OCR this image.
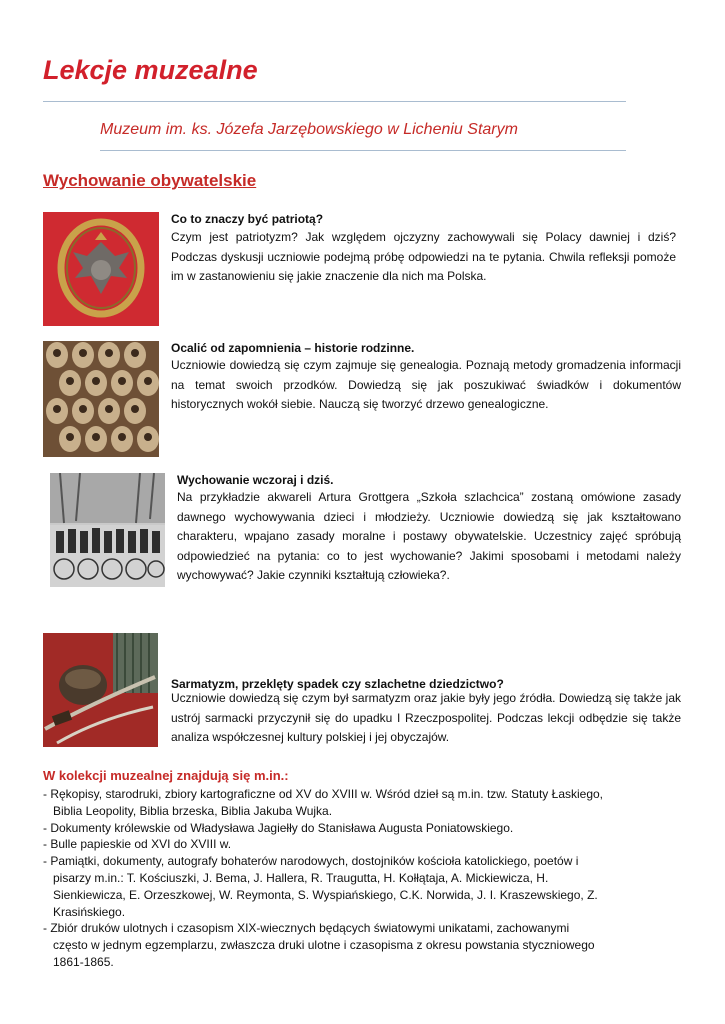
Lekcje muzealne
Muzeum im. ks. Józefa Jarzębowskiego w Licheniu Starym
Wychowanie obywatelskie
Co to znaczy być patriotą?
Czym jest patriotyzm? Jak względem ojczyzny zachowywali się Polacy dawniej i dziś? Podczas dyskusji uczniowie podejmą próbę odpowiedzi na te pytania. Chwila refleksji pomoże im w zastanowieniu się jakie znaczenie dla nich ma Polska.
Ocalić od zapomnienia – historie rodzinne.
Uczniowie dowiedzą się czym zajmuje się genealogia. Poznają metody gromadzenia informacji na temat swoich przodków. Dowiedzą się jak poszukiwać świadków i dokumentów historycznych wokół siebie. Nauczą się tworzyć drzewo genealogiczne.
Wychowanie wczoraj i dziś.
Na przykładzie akwareli Artura Grottgera „Szkoła szlachcica” zostaną omówione zasady dawnego wychowywania dzieci i młodzieży. Uczniowie dowiedzą się jak kształtowano charakteru, wpajano zasady moralne i postawy obywatelskie. Uczestnicy zajęć spróbują odpowiedzieć na pytania: co to jest wychowanie? Jakimi sposobami i metodami należy wychowywać? Jakie czynniki kształtują człowieka?.
Sarmatyzm, przeklęty spadek czy szlachetne dziedzictwo?
Uczniowie dowiedzą się czym był sarmatyzm oraz jakie były jego źródła. Dowiedzą się także jak ustrój sarmacki przyczynił się do upadku I Rzeczpospolitej. Podczas lekcji odbędzie się także analiza współczesnej kultury polskiej i jej obyczajów.
W kolekcji muzealnej znajdują się m.in.:
- Rękopisy, starodruki, zbiory kartograficzne od XV do XVIII w. Wśród dzieł są m.in. tzw. Statuty Łaskiego, Biblia Leopolity, Biblia brzeska, Biblia Jakuba Wujka.
- Dokumenty królewskie od Władysława Jagiełły do Stanisława Augusta Poniatowskiego.
- Bulle papieskie od XVI do XVIII w.
- Pamiątki, dokumenty, autografy bohaterów narodowych, dostojników kościoła katolickiego, poetów i pisarzy m.in.: T. Kościuszki, J. Bema, J. Hallera, R. Traugutta, H. Kołłątaja, A. Mickiewicza, H. Sienkiewicza, E. Orzeszkowej, W. Reymonta, S. Wyspiańskiego, C.K. Norwida, J. I. Kraszewskiego, Z. Krasińskiego.
- Zbiór druków ulotnych i czasopism XIX-wiecznych będących światowymi unikatami, zachowanymi często w jednym egzemplarzu, zwłaszcza druki ulotne i czasopisma z okresu powstania styczniowego 1861-1865.
